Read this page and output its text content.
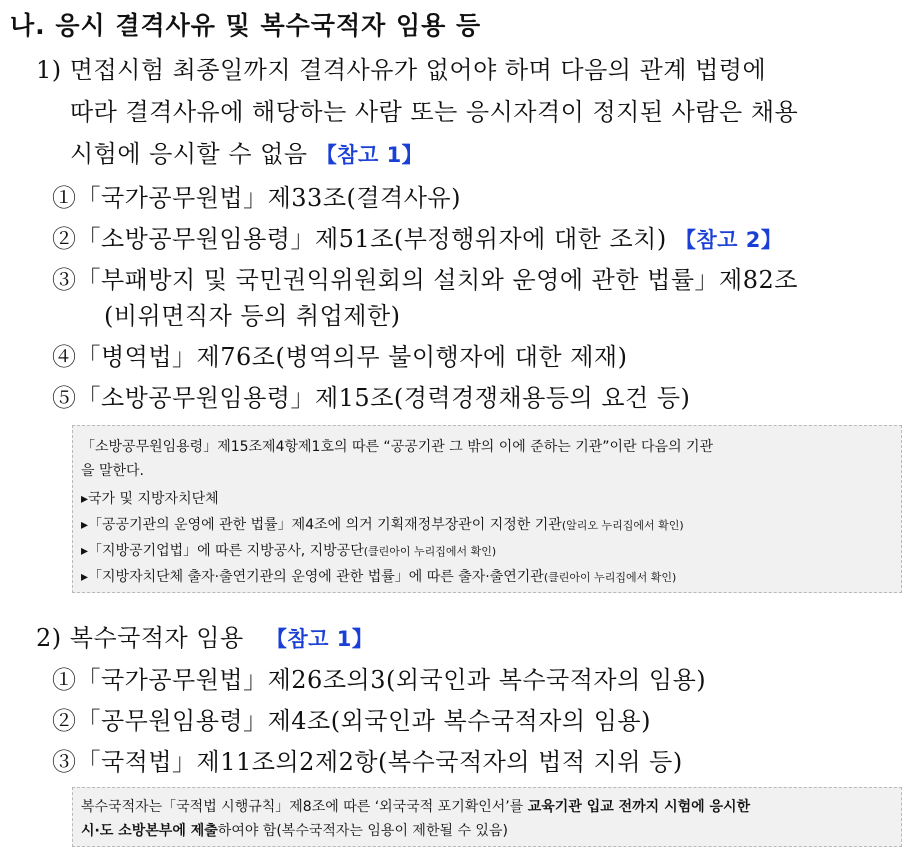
나. 응시 결격사유 및 복수국적자 임용 등
1) 면접시험 최종일까지 결격사유가 없어야 하며 다음의 관계 법령에
따라 결격사유에 해당하는 사람 또는 응시자격이 정지된 사람은 채용
시험에 응시할 수 없음 【참고 1】
①「국가공무원법」제33조(결격사유)
②「소방공무원임용령」제51조(부정행위자에 대한 조치) 【참고 2】
③「부패방지 및 국민권익위원회의 설치와 운영에 관한 법률」제82조
(비위면직자 등의 취업제한)
④「병역법」제76조(병역의무 불이행자에 대한 제재)
⑤「소방공무원임용령」제15조(경력경쟁채용등의 요건 등)
「소방공무원임용령」제15조제4항제1호의 따른 “공공기관 그 밖의 이에 준하는 기관”이란 다음의 기관
을 말한다.
▸국가 및 지방자치단체
▸「공공기관의 운영에 관한 법률」제4조에 의거 기획재정부장관이 지정한 기관(알리오 누리집에서 확인)
▸「지방공기업법」에 따른 지방공사, 지방공단(클린아이 누리집에서 확인)
▸「지방자치단체 출자·출연기관의 운영에 관한 법률」에 따른 출자·출연기관(클린아이 누리집에서 확인)
2) 복수국적자 임용 【참고 1】
①「국가공무원법」제26조의3(외국인과 복수국적자의 임용)
②「공무원임용령」제4조(외국인과 복수국적자의 임용)
③「국적법」제11조의2제2항(복수국적자의 법적 지위 등)
복수국적자는「국적법 시행규칙」제8조에 따른 ‘외국국적 포기확인서’를 교육기관 입교 전까지 시험에 응시한
시·도 소방본부에 제출하여야 함(복수국적자는 임용이 제한될 수 있음)
